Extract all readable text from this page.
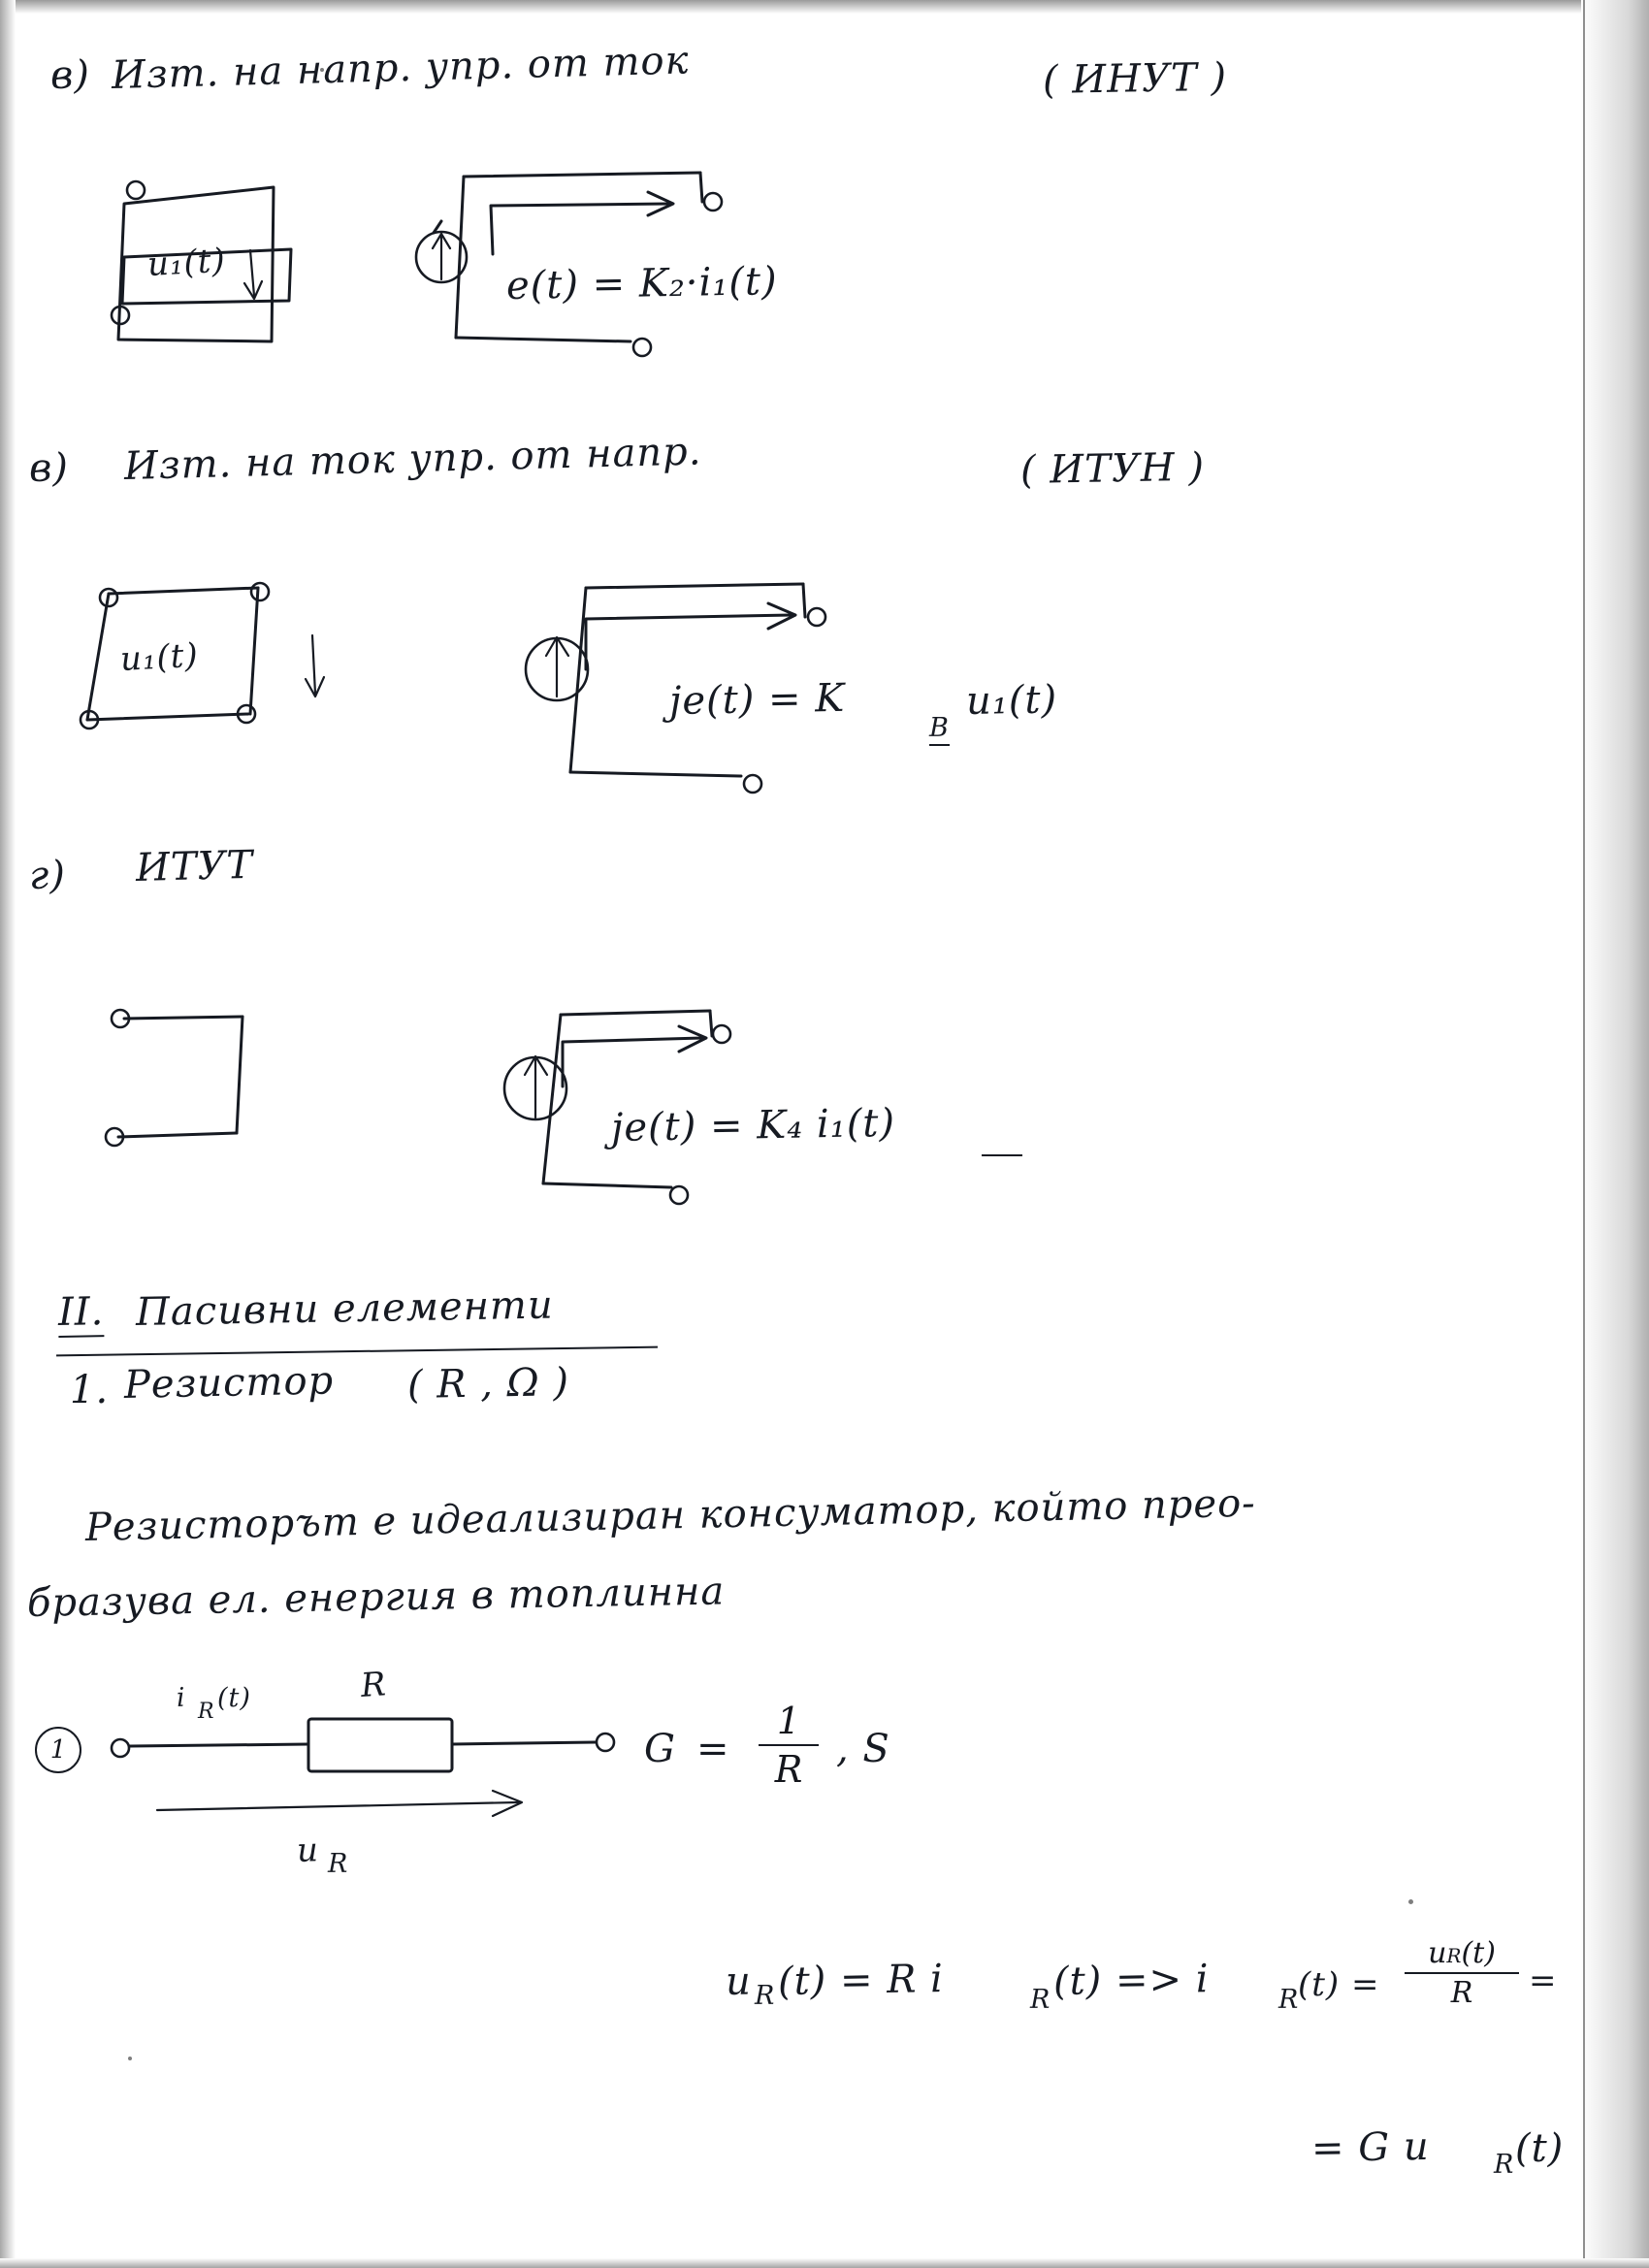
в) Изт. на напр. упр. от ток	( ИНУТ )
u₁(t)	e(t) = K₂·i₁(t)
в) Изт. на ток упр. от напр.	( ИТУН )
u₁(t)
je(t) = K
B
u₁(t)
г) ИТУТ
je(t) = K₄ i₁(t)
II. Пасивни елементи
1. Резистор ( R , Ω )
Резисторът е идеализиран консуматор, който прео-
бразува ел. енергия в топлинна
1
i R (t)	R
u R
G =
1
R , S
u R (t) = R i	R (t) => i	R
(t) =
uR(t)
R	=
= G u R (t)
